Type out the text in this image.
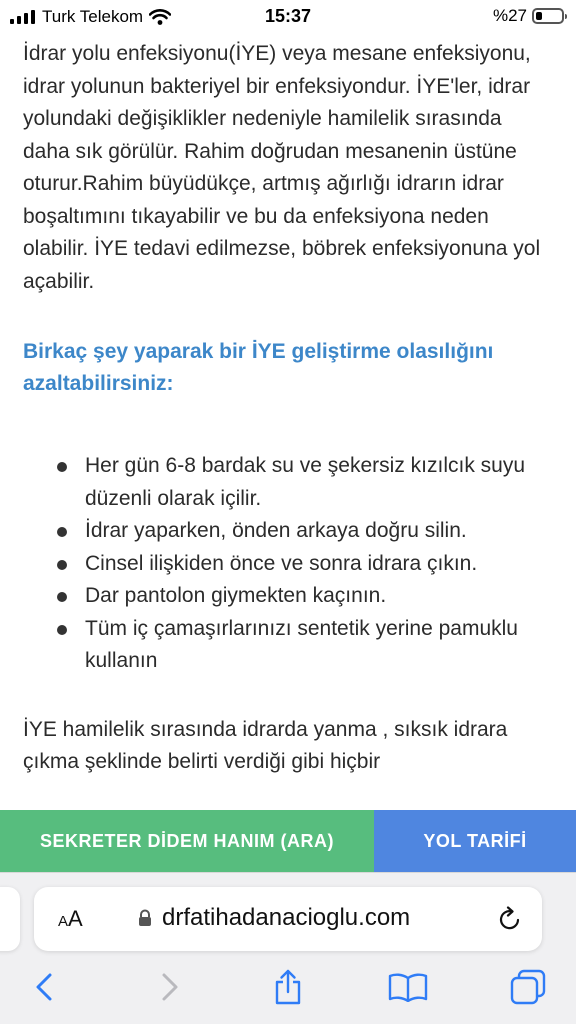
Turk Telekom	15:37	%27

İdrar yolu enfeksiyonu(İYE) veya mesane enfeksiyonu, idrar yolunun bakteriyel bir enfeksiyondur. İYE'ler, idrar yolundaki değişiklikler nedeniyle hamilelik sırasında daha sık görülür. Rahim doğrudan mesanenin üstüne oturur.Rahim büyüdükçe, artmış ağırlığı idrarın idrar boşaltımını tıkayabilir ve bu da enfeksiyona neden olabilir. İYE tedavi edilmezse, böbrek enfeksiyonuna yol açabilir.

Birkaç şey yaparak bir İYE geliştirme olasılığını azaltabilirsiniz:
Her gün 6-8 bardak su ve şekersiz kızılcık suyu düzenli olarak içilir.
İdrar yaparken, önden arkaya doğru silin.
Cinsel ilişkiden önce ve sonra idrara çıkın.
Dar pantolon giymekten kaçının.
Tüm iç çamaşırlarınızı sentetik yerine pamuklu kullanın

İYE hamilelik sırasında idrarda yanma , sıksık idrara çıkma şeklinde belirti verdiği gibi hiçbir

SEKRETER DİDEM HANIM (ARA)	YOL TARİFİ
AA	drfatihadanacioglu.com
